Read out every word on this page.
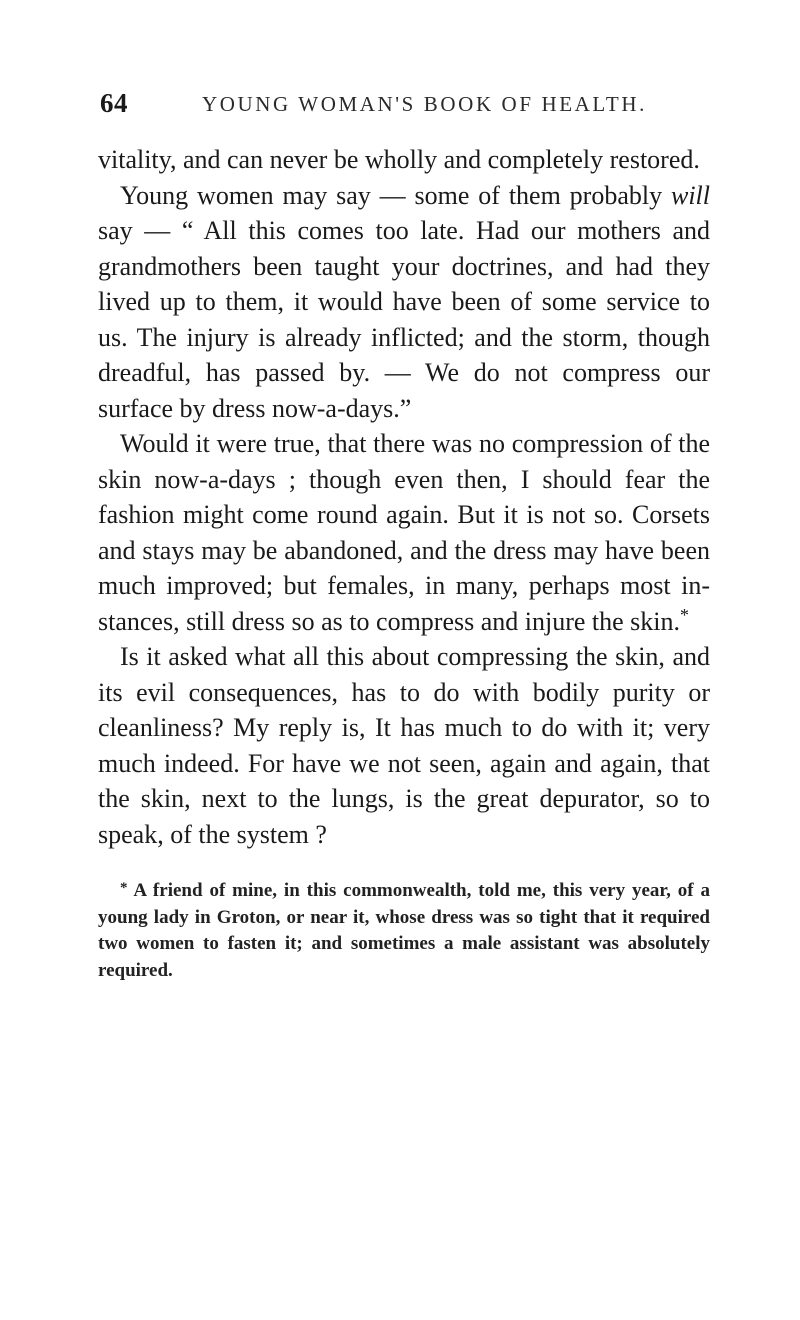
64	YOUNG WOMAN'S BOOK OF HEALTH.

vitality, and can never be wholly and completely restored.

Young women may say — some of them probably will say — “ All this comes too late. Had our mothers and grandmothers been taught your doctrines, and had they lived up to them, it would have been of some service to us. The injury is already inflicted; and the storm, though dreadful, has passed by. — We do not compress our surface by dress now-a-days.”

Would it were true, that there was no compression of the skin now-a-days ; though even then, I should fear the fashion might come round again. But it is not so. Corsets and stays may be abandoned, and the dress may have been much improved; but females, in many, perhaps most instances, still dress so as to compress and injure the skin.*

Is it asked what all this about compressing the skin, and its evil consequences, has to do with bodily purity or cleanliness? My reply is, It has much to do with it; very much indeed. For have we not seen, again and again, that the skin, next to the lungs, is the great depurator, so to speak, of the system ?

* A friend of mine, in this commonwealth, told me, this very year, of a young lady in Groton, or near it, whose dress was so tight that it required two women to fasten it; and sometimes a male assistant was absolutely required.
